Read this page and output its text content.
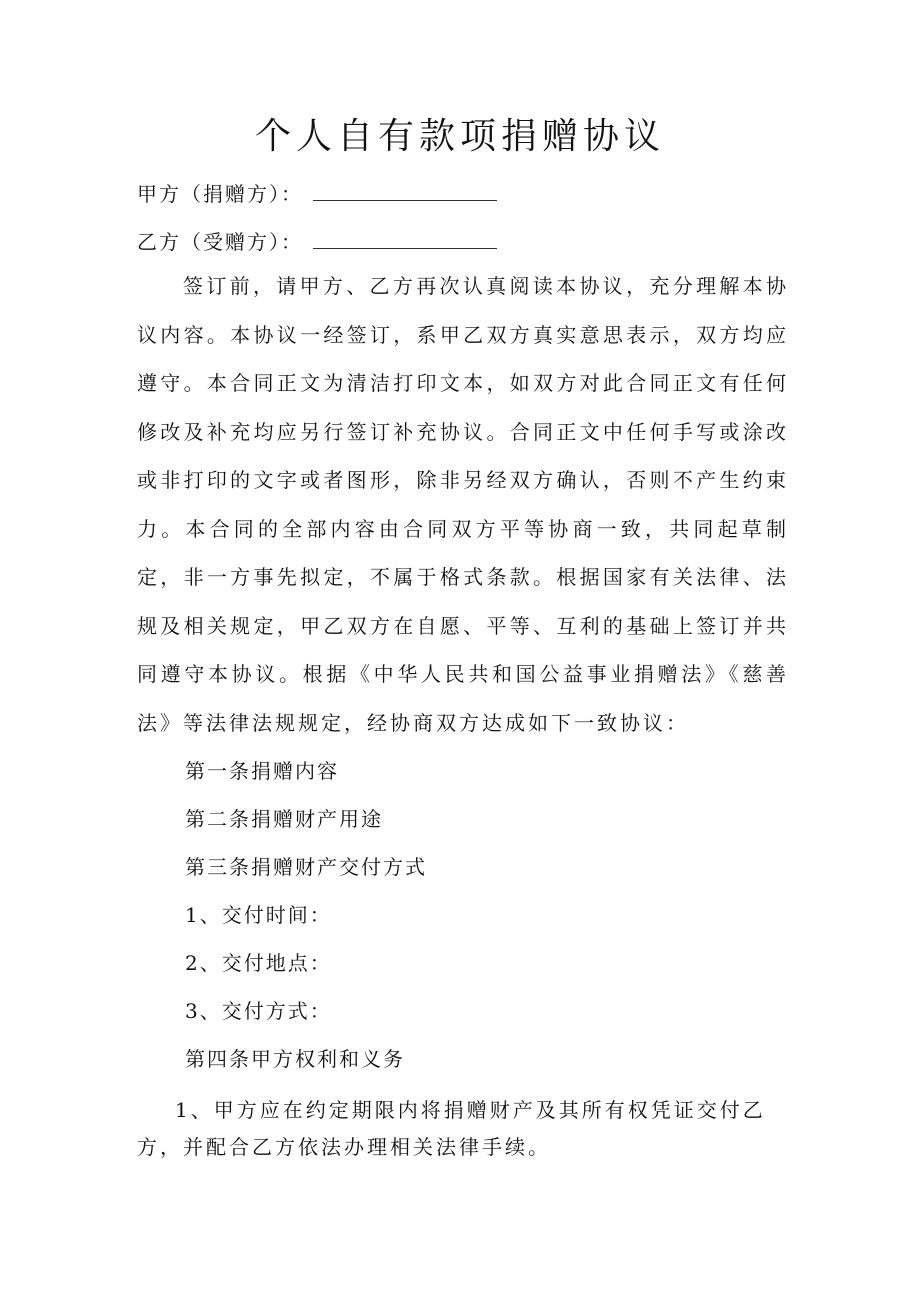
个人自有款项捐赠协议
甲方（捐赠方）：
乙方（受赠方）：
签订前，请甲方、乙方再次认真阅读本协议，充分理解本协议内容。本协议一经签订，系甲乙双方真实意思表示，双方均应遵守。本合同正文为清洁打印文本，如双方对此合同正文有任何修改及补充均应另行签订补充协议。合同正文中任何手写或涂改或非打印的文字或者图形，除非另经双方确认，否则不产生约束力。本合同的全部内容由合同双方平等协商一致，共同起草制定，非一方事先拟定，不属于格式条款。根据国家有关法律、法规及相关规定，甲乙双方在自愿、平等、互利的基础上签订并共同遵守本协议。根据《中华人民共和国公益事业捐赠法》《慈善法》等法律法规规定，经协商双方达成如下一致协议：
第一条捐赠内容
第二条捐赠财产用途
第三条捐赠财产交付方式
1、交付时间：
2、交付地点：
3、交付方式：
第四条甲方权利和义务
1、甲方应在约定期限内将捐赠财产及其所有权凭证交付乙方，并配合乙方依法办理相关法律手续。
